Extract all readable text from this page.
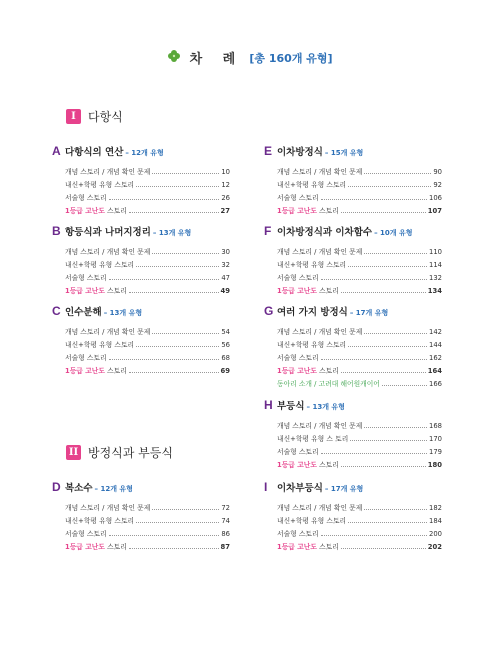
차 례 [총 160개 유형]
I	다항식
II 방정식과 부등식
A 다항식의 연산 – 12개 유형
개념 스토리 / 개념 확인 문제	10
내신+학평 유형 스토리	12
서술형 스토리	26
1등급 고난도 스토리	27
B 항등식과 나머지정리 – 13개 유형
개념 스토리 / 개념 확인 문제	30
내신+학평 유형 스토리	32
서술형 스토리	47
1등급 고난도 스토리	49
C 인수분해 – 13개 유형
개념 스토리 / 개념 확인 문제	54
내신+학평 유형 스토리	56
서술형 스토리	68
1등급 고난도 스토리	69
D 복소수 – 12개 유형
개념 스토리 / 개념 확인 문제	72
내신+학평 유형 스토리	74
서술형 스토리	86
1등급 고난도 스토리	87
E 이차방정식 – 15개 유형
개념 스토리 / 개념 확인 문제	90
내신+학평 유형 스토리	92
서술형 스토리	106
1등급 고난도 스토리	107
F 이차방정식과 이차함수 – 10개 유형
개념 스토리 / 개념 확인 문제	110
내신+학평 유형 스토리	114
서술형 스토리	132
1등급 고난도 스토리	134
G 여러 가지 방정식 – 17개 유형
개념 스토리 / 개념 확인 문제	142
내신+학평 유형 스토리	144
서술형 스토리	162
1등급 고난도 스토리	164
동아리 소개 / 고려대 해어원캐이어	166
H 부등식 – 13개 유형
개념 스토리 / 개념 확인 문제	168
내신+학평 유형 스 토리	170
서술형 스토리	179
1등급 고난도 스토리	180
I	이차부등식 – 17개 유형
개념 스토리 / 개념 확인 문제	182
내신+학평 유형 스토리	184
서술형 스토리	200
1등급 고난도 스토리	202
